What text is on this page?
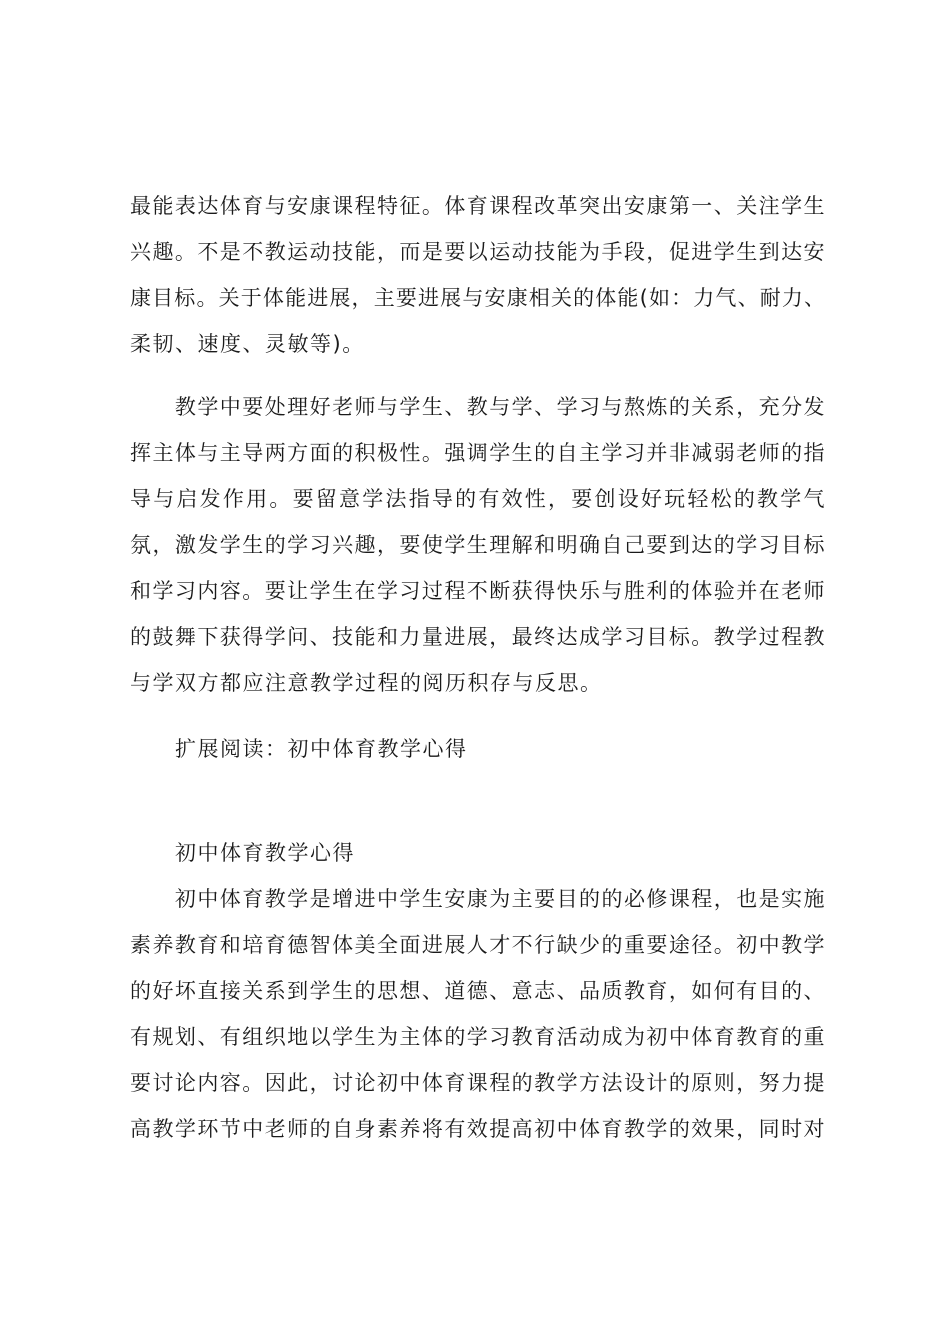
最能表达体育与安康课程特征。体育课程改革突出安康第一、关注学生
兴趣。不是不教运动技能，而是要以运动技能为手段，促进学生到达安
康目标。关于体能进展，主要进展与安康相关的体能(如：力气、耐力、
柔韧、速度、灵敏等)。
　　教学中要处理好老师与学生、教与学、学习与熬炼的关系，充分发
挥主体与主导两方面的积极性。强调学生的自主学习并非减弱老师的指
导与启发作用。要留意学法指导的有效性，要创设好玩轻松的教学气
氛，激发学生的学习兴趣，要使学生理解和明确自己要到达的学习目标
和学习内容。要让学生在学习过程不断获得快乐与胜利的体验并在老师
的鼓舞下获得学问、技能和力量进展，最终达成学习目标。教学过程教
与学双方都应注意教学过程的阅历积存与反思。
　　扩展阅读：初中体育教学心得
　　初中体育教学心得
　　初中体育教学是增进中学生安康为主要目的的必修课程，也是实施
素养教育和培育德智体美全面进展人才不行缺少的重要途径。初中教学
的好坏直接关系到学生的思想、道德、意志、品质教育，如何有目的、
有规划、有组织地以学生为主体的学习教育活动成为初中体育教育的重
要讨论内容。因此，讨论初中体育课程的教学方法设计的原则，努力提
高教学环节中老师的自身素养将有效提高初中体育教学的效果，同时对
